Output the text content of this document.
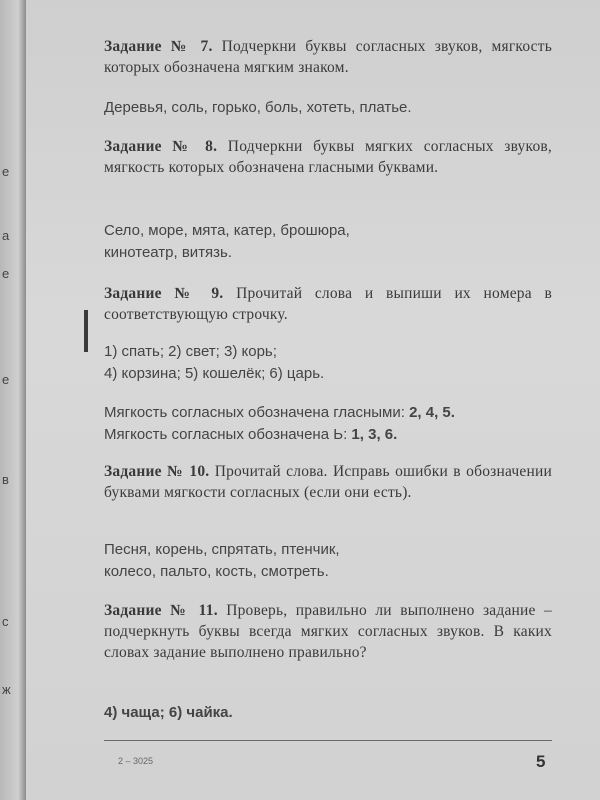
е
а
е
в
е
с
ж
Задание № 7. Подчеркни буквы согласных звуков, мягкость которых обозначена мягким знаком.
Деревья, соль, горько, боль, хотеть, платье.
Задание № 8. Подчеркни буквы мягких согласных звуков, мягкость которых обозначена гласными буквами.
Село, море, мята, катер, брошюра,
кинотеатр, витязь.
Задание № 9. Прочитай слова и выпиши их номера в соответствующую строчку.
1) спать; 2) свет; 3) корь;
4) корзина; 5) кошелёк; 6) царь.
Мягкость согласных обозначена гласными: 2, 4, 5.
Мягкость согласных обозначена Ь: 1, 3, 6.
Задание № 10. Прочитай слова. Исправь ошибки в обозначении буквами мягкости согласных (если они есть).
Песня, корень, спрятать, птенчик,
колесо, пальто, кость, смотреть.
Задание № 11. Проверь, правильно ли выполнено задание – подчеркнуть буквы всегда мягких согласных звуков. В каких словах задание выполнено правильно?
4) чаща; 6) чайка.
2 – 3025	5
